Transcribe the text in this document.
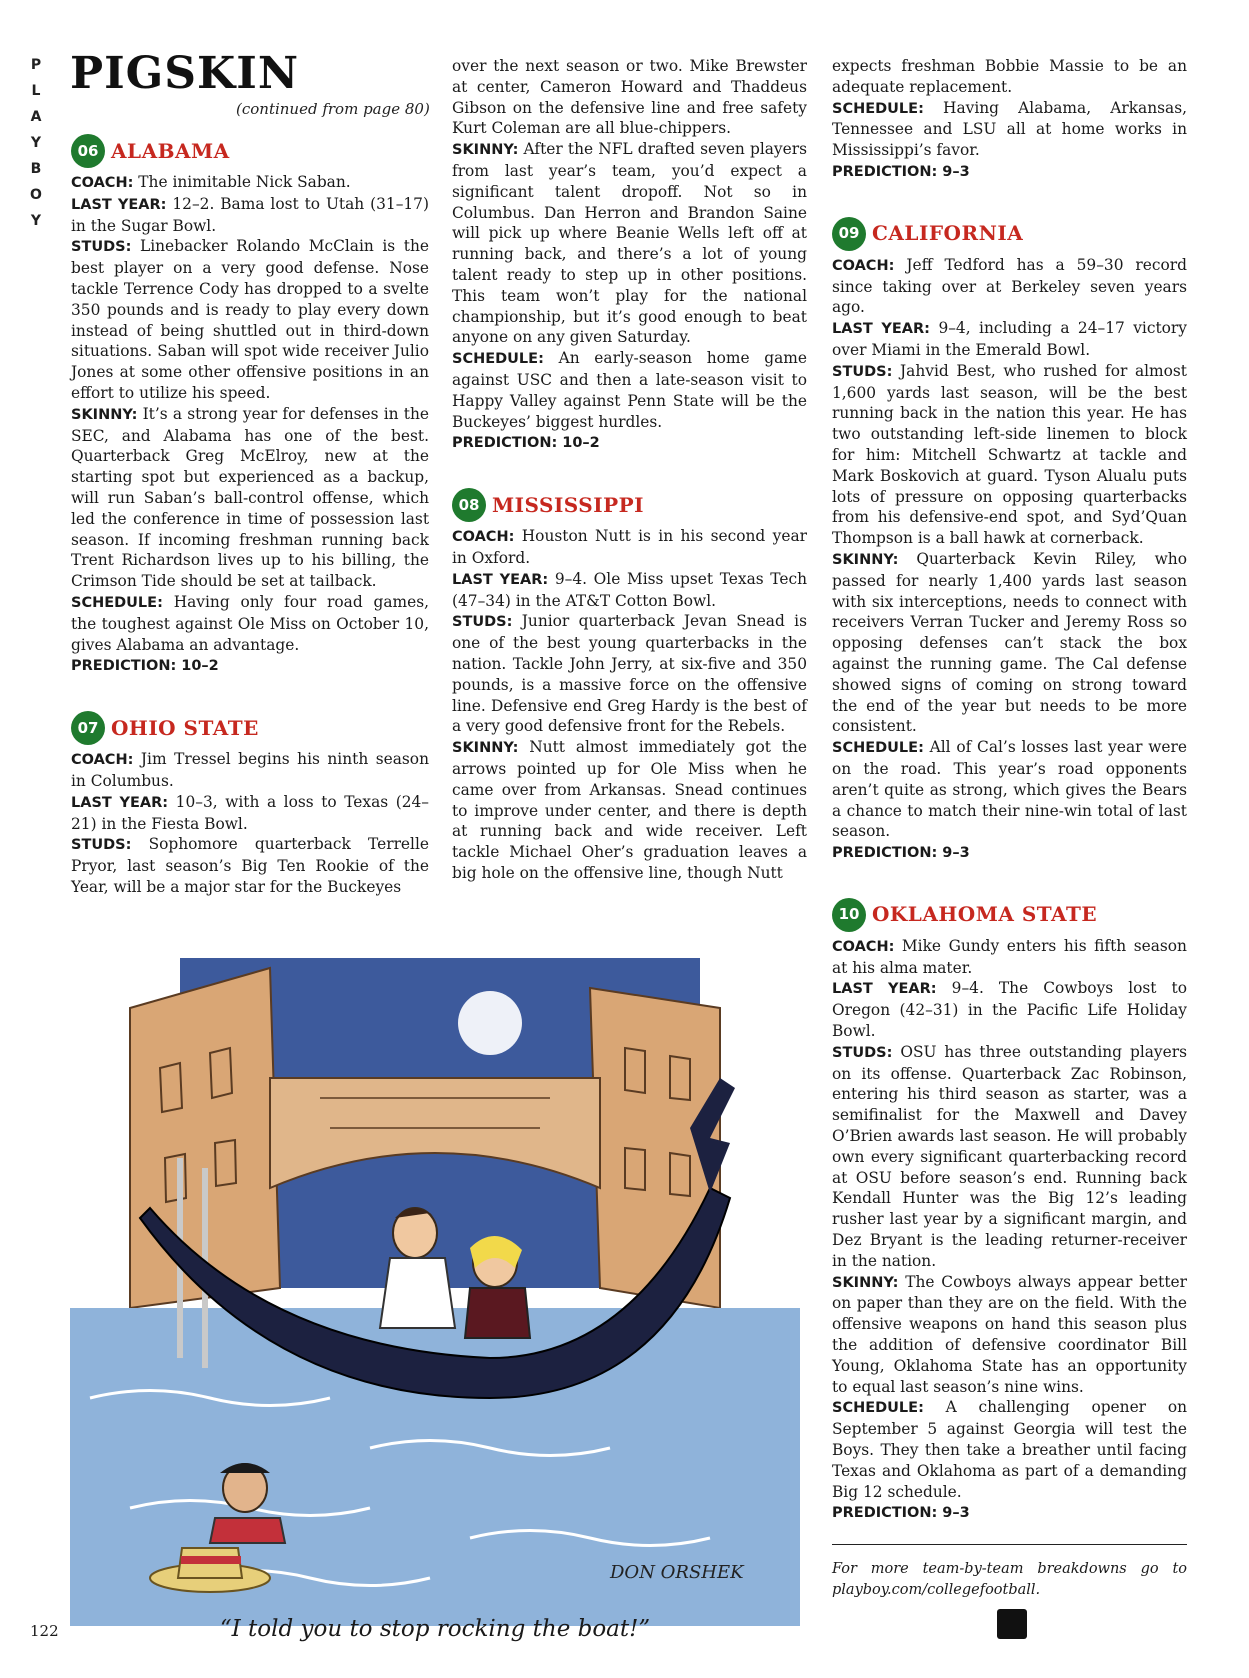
P
L
A
Y
B
O
Y
PIGSKIN
(continued from page 80)
06 ALABAMA

COACH: The inimitable Nick Saban.

LAST YEAR: 12–2. Bama lost to Utah (31–17) in the Sugar Bowl.

STUDS: Linebacker Rolando McClain is the best player on a very good defense. Nose tackle Terrence Cody has dropped to a svelte 350 pounds and is ready to play every down instead of being shuttled out in third-down situations. Saban will spot wide receiver Julio Jones at some other offensive positions in an effort to utilize his speed.

SKINNY: It’s a strong year for defenses in the SEC, and Alabama has one of the best. Quarterback Greg McElroy, new at the starting spot but experienced as a backup, will run Saban’s ball-control offense, which led the conference in time of possession last season. If incoming freshman running back Trent Richardson lives up to his billing, the Crimson Tide should be set at tailback.

SCHEDULE: Having only four road games, the toughest against Ole Miss on October 10, gives Alabama an advantage.

PREDICTION: 10–2

07 OHIO STATE

COACH: Jim Tressel begins his ninth season in Columbus.

LAST YEAR: 10–3, with a loss to Texas (24–21) in the Fiesta Bowl.

STUDS: Sophomore quarterback Terrelle Pryor, last season’s Big Ten Rookie of the Year, will be a major star for the Buckeyes

over the next season or two. Mike Brewster at center, Cameron Howard and Thaddeus Gibson on the defensive line and free safety Kurt Coleman are all blue-chippers.

SKINNY: After the NFL drafted seven players from last year’s team, you’d expect a significant talent dropoff. Not so in Columbus. Dan Herron and Brandon Saine will pick up where Beanie Wells left off at running back, and there’s a lot of young talent ready to step up in other positions. This team won’t play for the national championship, but it’s good enough to beat anyone on any given Saturday.

SCHEDULE: An early-season home game against USC and then a late-season visit to Happy Valley against Penn State will be the Buckeyes’ biggest hurdles.

PREDICTION: 10–2

08 MISSISSIPPI

COACH: Houston Nutt is in his second year in Oxford.

LAST YEAR: 9–4. Ole Miss upset Texas Tech (47–34) in the AT&T Cotton Bowl.

STUDS: Junior quarterback Jevan Snead is one of the best young quarterbacks in the nation. Tackle John Jerry, at six-five and 350 pounds, is a massive force on the offensive line. Defensive end Greg Hardy is the best of a very good defensive front for the Rebels.

SKINNY: Nutt almost immediately got the arrows pointed up for Ole Miss when he came over from Arkansas. Snead continues to improve under center, and there is depth at running back and wide receiver. Left tackle Michael Oher’s graduation leaves a big hole on the offensive line, though Nutt

expects freshman Bobbie Massie to be an adequate replacement.

SCHEDULE: Having Alabama, Arkansas, Tennessee and LSU all at home works in Mississippi’s favor.

PREDICTION: 9–3

09 CALIFORNIA

COACH: Jeff Tedford has a 59–30 record since taking over at Berkeley seven years ago.

LAST YEAR: 9–4, including a 24–17 victory over Miami in the Emerald Bowl.

STUDS: Jahvid Best, who rushed for almost 1,600 yards last season, will be the best running back in the nation this year. He has two outstanding left-side linemen to block for him: Mitchell Schwartz at tackle and Mark Boskovich at guard. Tyson Alualu puts lots of pressure on opposing quarterbacks from his defensive-end spot, and Syd’Quan Thompson is a ball hawk at cornerback.

SKINNY: Quarterback Kevin Riley, who passed for nearly 1,400 yards last season with six interceptions, needs to connect with receivers Verran Tucker and Jeremy Ross so opposing defenses can’t stack the box against the running game. The Cal defense showed signs of coming on strong toward the end of the year but needs to be more consistent.

SCHEDULE: All of Cal’s losses last year were on the road. This year’s road opponents aren’t quite as strong, which gives the Bears a chance to match their nine-win total of last season.

PREDICTION: 9–3

10 OKLAHOMA STATE

COACH: Mike Gundy enters his fifth season at his alma mater.

LAST YEAR: 9–4. The Cowboys lost to Oregon (42–31) in the Pacific Life Holiday Bowl.

STUDS: OSU has three outstanding players on its offense. Quarterback Zac Robinson, entering his third season as starter, was a semifinalist for the Maxwell and Davey O’Brien awards last season. He will probably own every significant quarterbacking record at OSU before season’s end. Running back Kendall Hunter was the Big 12’s leading rusher last year by a significant margin, and Dez Bryant is the leading returner-receiver in the nation.

SKINNY: The Cowboys always appear better on paper than they are on the field. With the offensive weapons on hand this season plus the addition of defensive coordinator Bill Young, Oklahoma State has an opportunity to equal last season’s nine wins.

SCHEDULE: A challenging opener on September 5 against Georgia will test the Boys. They then take a breather until facing Texas and Oklahoma as part of a demanding Big 12 schedule.

PREDICTION: 9–3

For more team-by-team breakdowns go to playboy.com/collegefootball.

DON ORSHEK
“I told you to stop rocking the boat!”
122
